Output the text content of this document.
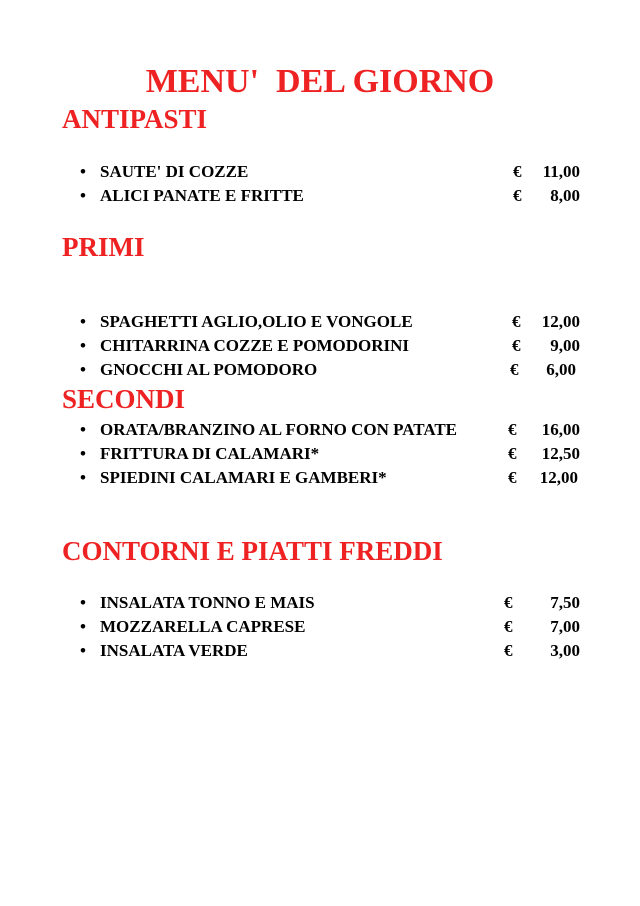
MENU'  DEL GIORNO
ANTIPASTI
• SAUTE' DI COZZE	€ 11,00
• ALICI PANATE E FRITTE	€ 8,00
PRIMI
• SPAGHETTI AGLIO,OLIO E VONGOLE	€ 12,00
• CHITARRINA COZZE E POMODORINI	€ 9,00
• GNOCCHI AL POMODORO	€ 6,00
SECONDI
• ORATA/BRANZINO AL FORNO CON PATATE	€ 16,00
• FRITTURA DI CALAMARI*	€ 12,50
• SPIEDINI CALAMARI E GAMBERI*	€ 12,00
CONTORNI E PIATTI FREDDI
• INSALATA TONNO E MAIS	€ 7,50
• MOZZARELLA CAPRESE	€ 7,00
• INSALATA VERDE	€ 3,00
